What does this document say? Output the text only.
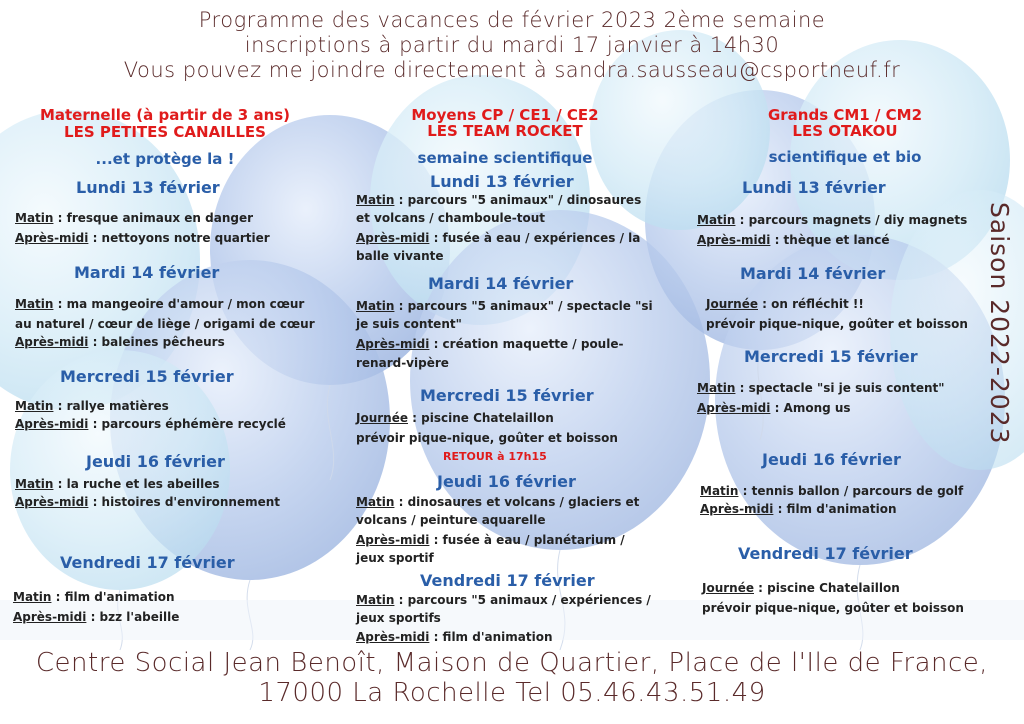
Programme des vacances de février 2023 2ème semaine
inscriptions à partir du mardi 17 janvier à 14h30
Vous pouvez me joindre directement à sandra.sausseau@csportneuf.fr
Saison 2022-2023
Maternelle (à partir de 3 ans)
LES PETITES CANAILLES
...et protège la !
Lundi 13 février
Matin : fresque animaux en danger
Après-midi : nettoyons notre quartier
Mardi 14 février
Matin : ma mangeoire d'amour / mon cœur
au naturel / cœur de liège / origami de cœur
Après-midi : baleines pêcheurs
Mercredi 15 février
Matin : rallye matières
Après-midi : parcours éphémère recyclé
Jeudi 16 février
Matin : la ruche et les abeilles
Après-midi : histoires d'environnement
Vendredi 17 février
Matin : film d'animation
Après-midi : bzz l'abeille
Moyens CP / CE1 / CE2
LES TEAM ROCKET
semaine scientifique
Lundi 13 février
Matin : parcours "5 animaux" / dinosaures
et volcans / chamboule-tout
Après-midi : fusée à eau / expériences / la
balle vivante
Mardi 14 février
Matin : parcours "5 animaux" / spectacle "si
je suis content"
Après-midi : création maquette / poule-
renard-vipère
Mercredi 15 février
Journée : piscine Chatelaillon
prévoir pique-nique, goûter et boisson
RETOUR à 17h15
Jeudi 16 février
Matin : dinosaures et volcans / glaciers et
volcans / peinture aquarelle
Après-midi : fusée à eau / planétarium /
jeux sportif
Vendredi 17 février
Matin : parcours "5 animaux / expériences /
jeux sportifs
Après-midi : film d'animation
Grands CM1 / CM2
LES OTAKOU
scientifique et bio
Lundi 13 février
Matin : parcours magnets / diy magnets
Après-midi : thèque et lancé
Mardi 14 février
Journée : on réfléchit !!
prévoir pique-nique, goûter et boisson
Mercredi 15 février
Matin : spectacle "si je suis content"
Après-midi : Among us
Jeudi 16 février
Matin : tennis ballon / parcours de golf
Après-midi : film d'animation
Vendredi 17 février
Journée : piscine Chatelaillon
prévoir pique-nique, goûter et boisson
Centre Social Jean Benoît, Maison de Quartier, Place de l'Ile de France,
17000 La Rochelle Tel 05.46.43.51.49
